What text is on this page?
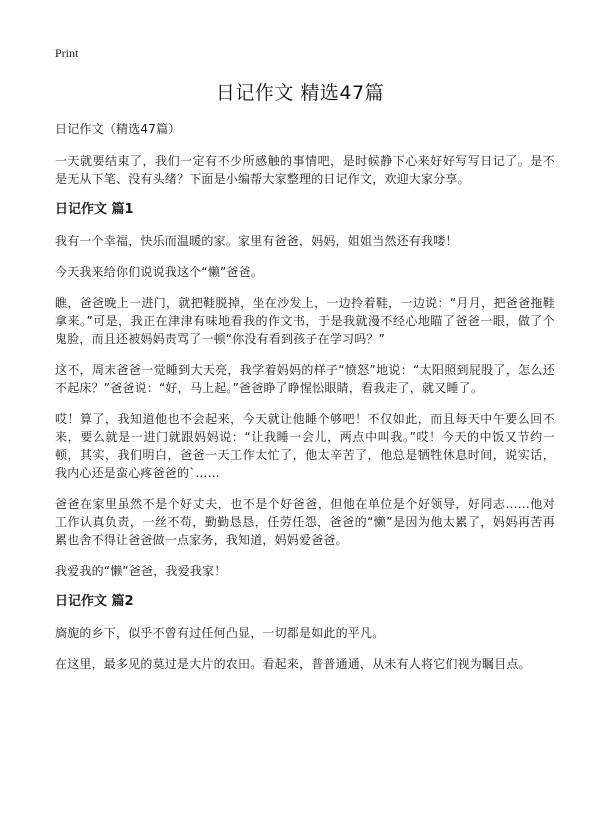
Print
日记作文 精选47篇

日记作文（精选47篇）

一天就要结束了，我们一定有不少所感触的事情吧，是时候静下心来好好写写日记了。是不是无从下笔、没有头绪？下面是小编帮大家整理的日记作文，欢迎大家分享。

日记作文 篇1

我有一个幸福，快乐而温暖的家。家里有爸爸，妈妈，姐姐当然还有我喽！

今天我来给你们说说我这个“懒”爸爸。

瞧，爸爸晚上一进门，就把鞋脱掉，坐在沙发上，一边拎着鞋，一边说：“月月，把爸爸拖鞋拿来。”可是，我正在津津有味地看我的作文书，于是我就漫不经心地瞄了爸爸一眼，做了个鬼脸，而且还被妈妈责骂了一顿“你没有看到孩子在学习吗？”

这不，周末爸爸一觉睡到大天亮，我学着妈妈的样子“愤怒”地说：“太阳照到屁股了，怎么还不起床？”爸爸说：“好，马上起。”爸爸睁了睁惺忪眼睛，看我走了，就又睡了。

哎！算了，我知道他也不会起来，今天就让他睡个够吧！不仅如此，而且每天中午要么回不来，要么就是一进门就跟妈妈说：“让我睡一会儿，两点中叫我。”哎！今天的中饭又节约一顿，其实，我们明白，爸爸一天工作太忙了，他太辛苦了，他总是牺牲休息时间，说实话，我内心还是蛮心疼爸爸的`……

爸爸在家里虽然不是个好丈夫，也不是个好爸爸，但他在单位是个好领导，好同志……他对工作认真负责，一丝不苟，勤勤恳恳，任劳任怨，爸爸的“懒”是因为他太累了，妈妈再苦再累也舍不得让爸爸做一点家务，我知道，妈妈爱爸爸。

我爱我的“懒”爸爸，我爱我家！

日记作文 篇2

旖旎的乡下，似乎不曾有过任何凸显，一切都是如此的平凡。

在这里，最多见的莫过是大片的农田。看起来，普普通通，从未有人将它们视为瞩目点。
